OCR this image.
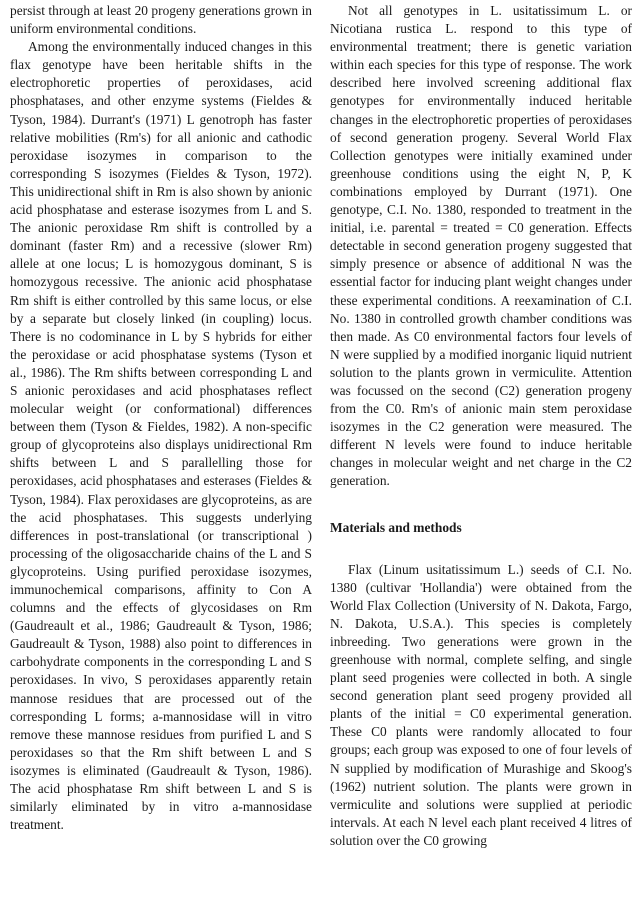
persist through at least 20 progeny generations grown in uniform environmental conditions.

Among the environmentally induced changes in this flax genotype have been heritable shifts in the electrophoretic properties of peroxidases, acid phosphatases, and other enzyme systems (Fieldes & Tyson, 1984). Durrant's (1971) L genotroph has faster relative mobilities (Rm's) for all anionic and cathodic peroxidase isozymes in comparison to the corresponding S isozymes (Fieldes & Tyson, 1972). This unidirectional shift in Rm is also shown by anionic acid phosphatase and esterase isozymes from L and S. The anionic peroxidase Rm shift is controlled by a dominant (faster Rm) and a recessive (slower Rm) allele at one locus; L is homozygous dominant, S is homozygous recessive. The anionic acid phosphatase Rm shift is either controlled by this same locus, or else by a separate but closely linked (in coupling) locus. There is no codominance in L by S hybrids for either the peroxidase or acid phosphatase systems (Tyson et al., 1986). The Rm shifts between corresponding L and S anionic peroxidases and acid phosphatases reflect molecular weight (or conformational) differences between them (Tyson & Fieldes, 1982). A non-specific group of glycoproteins also displays unidirectional Rm shifts between L and S parallelling those for peroxidases, acid phosphatases and esterases (Fieldes & Tyson, 1984). Flax peroxidases are glycoproteins, as are the acid phosphatases. This suggests underlying differences in post-translational (or transcriptional ) processing of the oligosaccharide chains of the L and S glycoproteins. Using purified peroxidase isozymes, immunochemical comparisons, affinity to Con A columns and the effects of glycosidases on Rm (Gaudreault et al., 1986; Gaudreault & Tyson, 1986; Gaudreault & Tyson, 1988) also point to differences in carbohydrate components in the corresponding L and S peroxidases. In vivo, S peroxidases apparently retain mannose residues that are processed out of the corresponding L forms; a-mannosidase will in vitro remove these mannose residues from purified L and S peroxidases so that the Rm shift between L and S isozymes is eliminated (Gaudreault & Tyson, 1986). The acid phosphatase Rm shift between L and S is similarly eliminated by in vitro a-mannosidase treatment.

Not all genotypes in L. usitatissimum L. or Nicotiana rustica L. respond to this type of environmental treatment; there is genetic variation within each species for this type of response. The work described here involved screening additional flax genotypes for environmentally induced heritable changes in the electrophoretic properties of peroxidases of second generation progeny. Several World Flax Collection genotypes were initially examined under greenhouse conditions using the eight N, P, K combinations employed by Durrant (1971). One genotype, C.I. No. 1380, responded to treatment in the initial, i.e. parental = treated = C0 generation. Effects detectable in second generation progeny suggested that simply presence or absence of additional N was the essential factor for inducing plant weight changes under these experimental conditions. A reexamination of C.I. No. 1380 in controlled growth chamber conditions was then made. As C0 environmental factors four levels of N were supplied by a modified inorganic liquid nutrient solution to the plants grown in vermiculite. Attention was focussed on the second (C2) generation progeny from the C0. Rm's of anionic main stem peroxidase isozymes in the C2 generation were measured. The different N levels were found to induce heritable changes in molecular weight and net charge in the C2 generation.

Materials and methods

Flax (Linum usitatissimum L.) seeds of C.I. No. 1380 (cultivar 'Hollandia') were obtained from the World Flax Collection (University of N. Dakota, Fargo, N. Dakota, U.S.A.). This species is completely inbreeding. Two generations were grown in the greenhouse with normal, complete selfing, and single plant seed progenies were collected in both. A single second generation plant seed progeny provided all plants of the initial = C0 experimental generation. These C0 plants were randomly allocated to four groups; each group was exposed to one of four levels of N supplied by modification of Murashige and Skoog's (1962) nutrient solution. The plants were grown in vermiculite and solutions were supplied at periodic intervals. At each N level each plant received 4 litres of solution over the C0 growing
